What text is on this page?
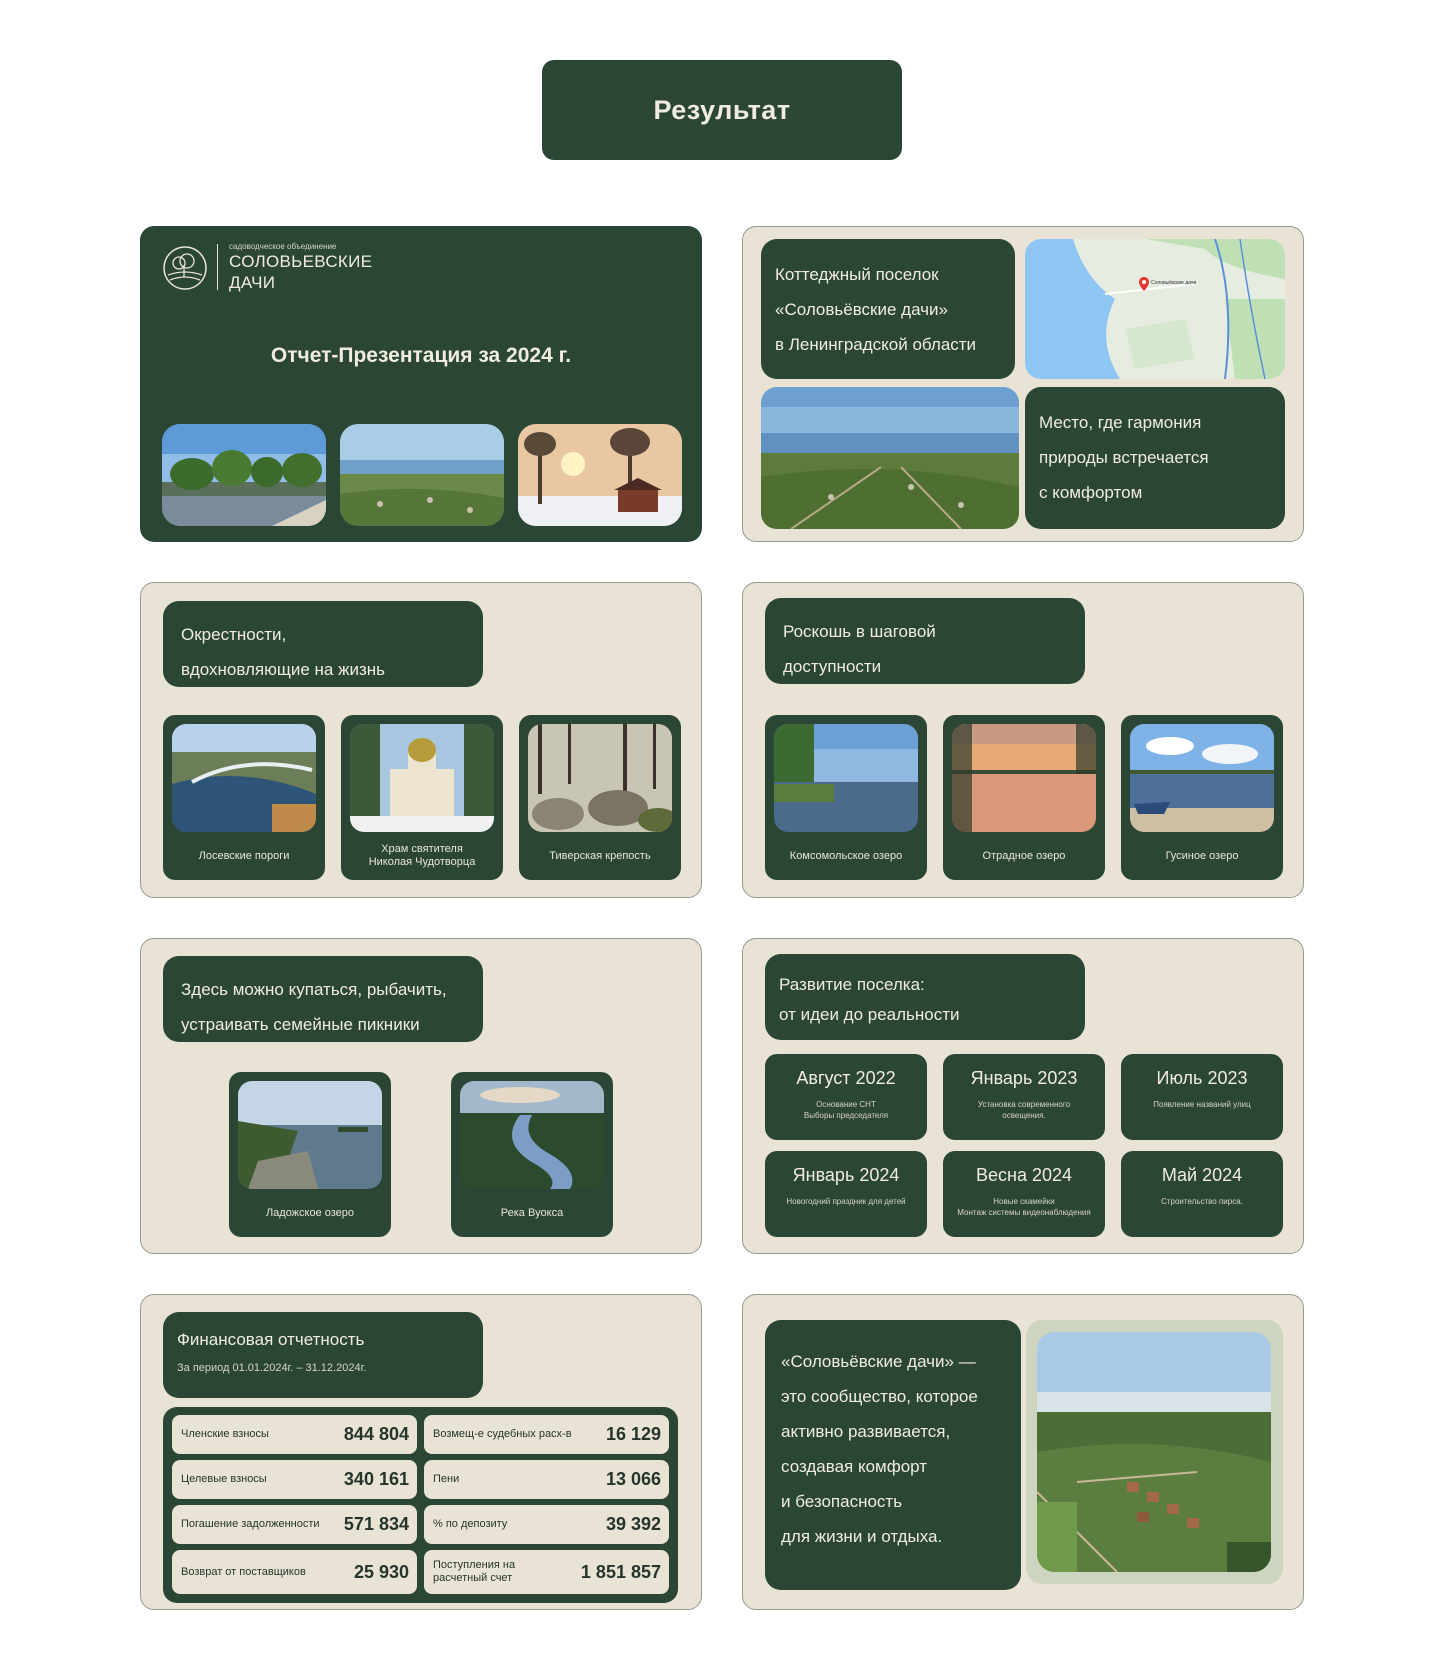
Результат
садоводческое объединение
СОЛОВЬЕВСКИЕ
ДАЧИ
Отчет-Презентация за 2024 г.
Коттеджный поселок
«Соловьёвские дачи»
в Ленинградской области
Соловьёвские дачи
Место, где гармония
природы встречается
с комфортом
Окрестности,
вдохновляющие на жизнь
Лосевские пороги
Храм святителя
Николая Чудотворца
Тиверская крепость
Роскошь в шаговой
доступности
Комсомольское озеро	Отрадное озеро	Гусиное озеро
Здесь можно купаться, рыбачить,
устраивать семейные пикники
Ладожское озеро	Река Вуокса
Развитие поселка:
от идеи до реальности
Август 2022
Основание СНТ
Выборы председателя
Январь 2023
Установка современного
освещения.
Июль 2023
Появление названий улиц
Январь 2024
Новогодний праздник для детей
Весна 2024
Новые скамейки
Монтаж системы видеонаблюдения
Май 2024
Строительство пирса.
Финансовая отчетность
За период 01.01.2024г. – 31.12.2024г.
Членские взносы	844 804
Целевые взносы	340 161
Погашение задолженности	571 834
Возврат от поставщиков	25 930
Возмещ-е судебных расх-в	16 129
Пени	13 066
% по депозиту	39 392
Поступления на
расчетный счет	1 851 857
«Соловьёвские дачи» —
это сообщество, которое
активно развивается,
создавая комфорт
и безопасность
для жизни и отдыха.
